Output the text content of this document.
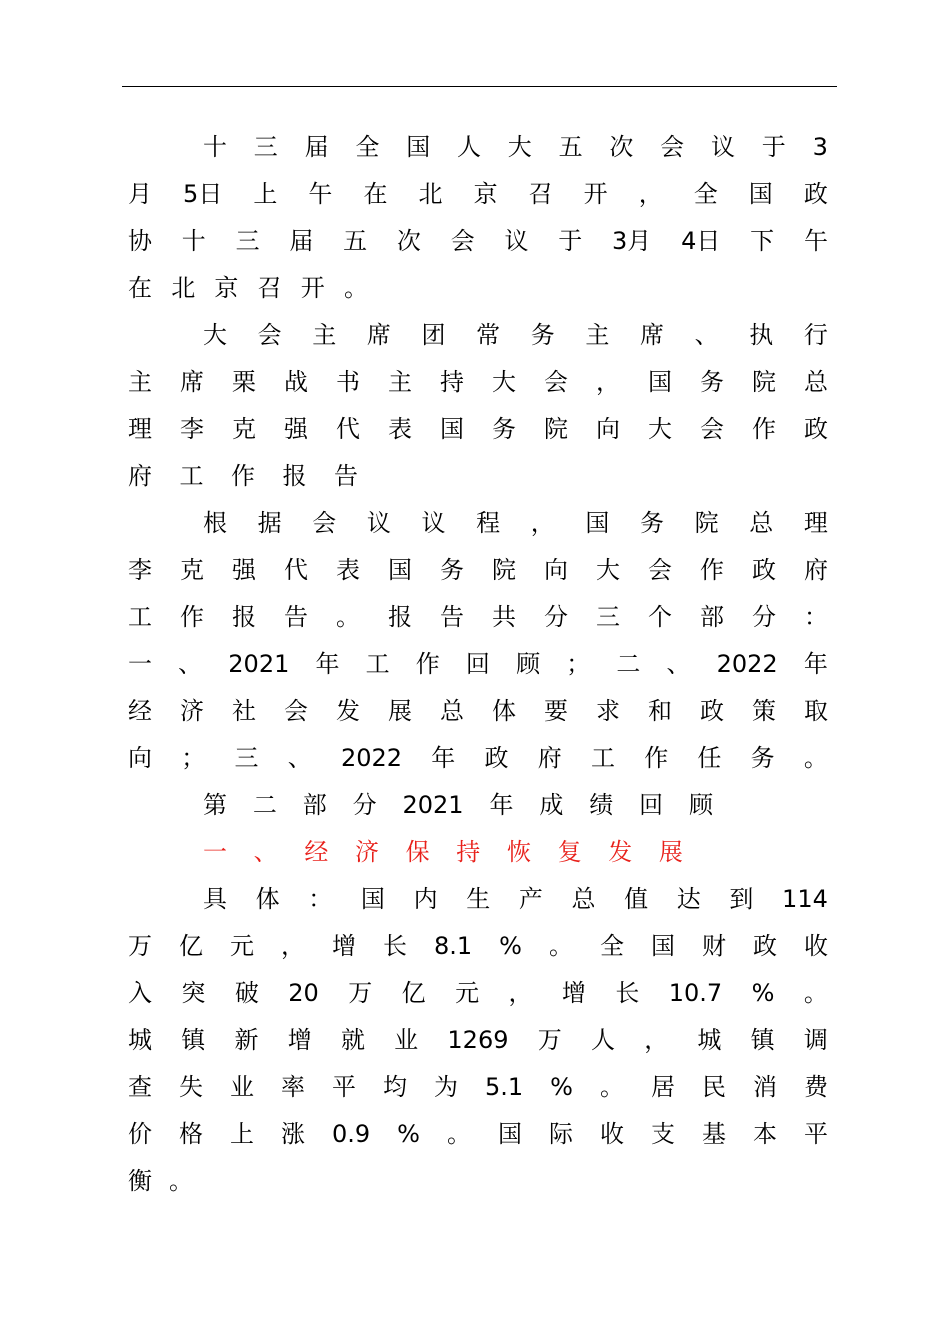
十 三 届 全 国 人 大 五 次 会 议 于 3
月 5日 上 午 在 北 京 召 开 ， 全 国 政
协 十 三 届 五 次 会 议 于 3月 4日 下 午
在 北 京 召 开 。
大 会 主 席 团 常 务 主 席 、 执 行
主 席 栗 战 书 主 持 大 会 ， 国 务 院 总
理 李 克 强 代 表 国 务 院 向 大 会 作 政
府 工 作 报 告
根 据 会 议 议 程 ， 国 务 院 总 理
李 克 强 代 表 国 务 院 向 大 会 作 政 府
工 作 报 告 。 报 告 共 分 三 个 部 分 ：
一 、 2021 年 工 作 回 顾 ； 二 、 2022 年
经 济 社 会 发 展 总 体 要 求 和 政 策 取
向 ； 三 、 2022 年 政 府 工 作 任 务 。
第 二 部 分 2021 年 成 绩 回 顾
一 、 经 济 保 持 恢 复 发 展
具 体 ： 国 内 生 产 总 值 达 到 114
万 亿 元 ， 增 长 8.1 % 。 全 国 财 政 收
入 突 破 20 万 亿 元 ， 增 长 10.7 % 。
城 镇 新 增 就 业 1269 万 人 ， 城 镇 调
查 失 业 率 平 均 为 5.1 % 。 居 民 消 费
价 格 上 涨 0.9 % 。 国 际 收 支 基 本 平
衡 。
